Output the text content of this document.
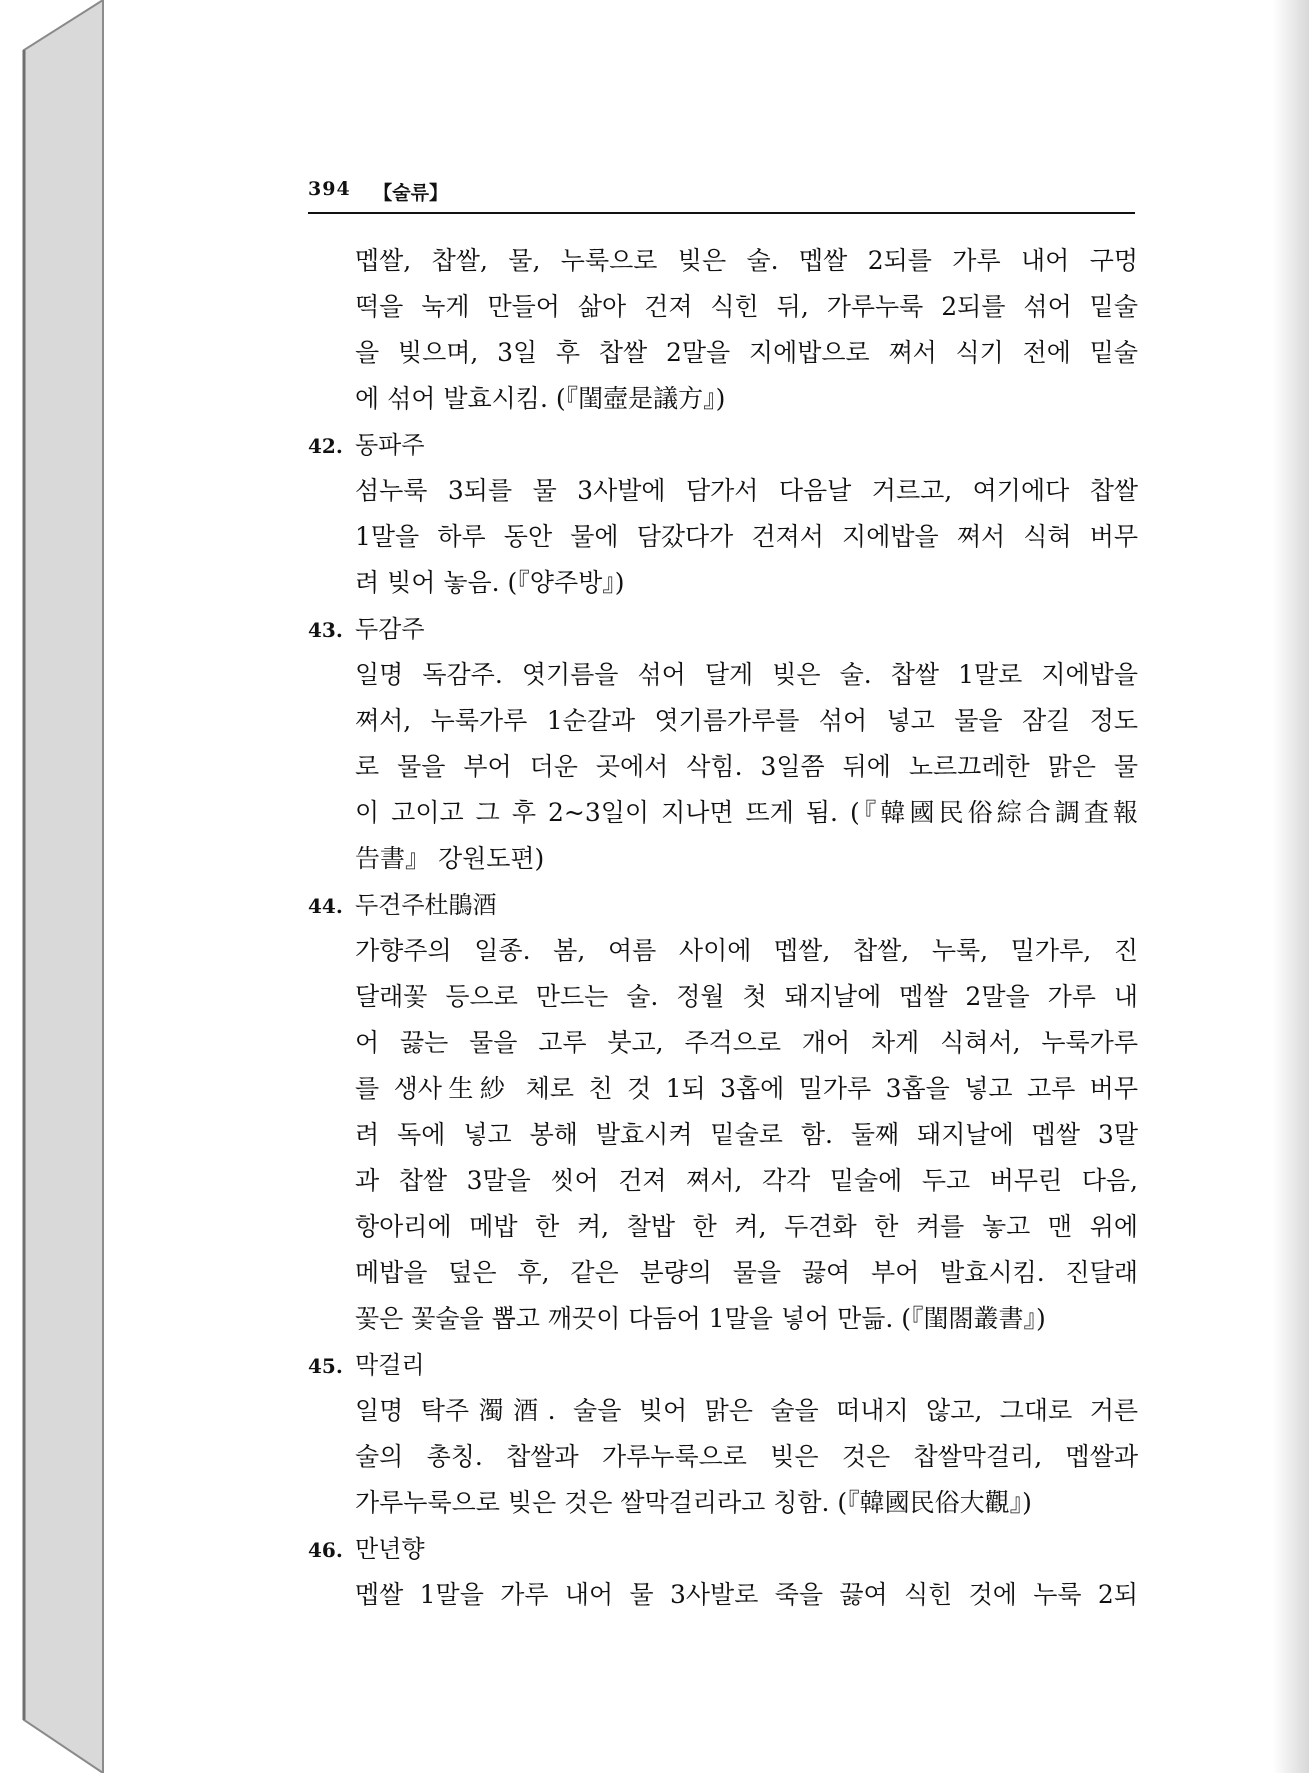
394 【술류】
멥쌀, 찹쌀, 물, 누룩으로 빚은 술. 멥쌀 2되를 가루 내어 구멍
떡을 눅게 만들어 삶아 건져 식힌 뒤, 가루누룩 2되를 섞어 밑술
을 빚으며, 3일 후 찹쌀 2말을 지에밥으로 쪄서 식기 전에 밑술
에 섞어 발효시킴. (『閨壼是議方』)
42. 동파주
섬누룩 3되를 물 3사발에 담가서 다음날 거르고, 여기에다 찹쌀
1말을 하루 동안 물에 담갔다가 건져서 지에밥을 쪄서 식혀 버무
려 빚어 놓음. (『양주방』)
43. 두감주
일명 독감주. 엿기름을 섞어 달게 빚은 술. 찹쌀 1말로 지에밥을
쪄서, 누룩가루 1순갈과 엿기름가루를 섞어 넣고 물을 잠길 정도
로 물을 부어 더운 곳에서 삭힘. 3일쯤 뒤에 노르끄레한 맑은 물
이 고이고 그 후 2~3일이 지나면 뜨게 됨. (『韓國民俗綜合調査報
告書』 강원도편)
44. 두견주杜鵑酒
가향주의 일종. 봄, 여름 사이에 멥쌀, 찹쌀, 누룩, 밀가루, 진
달래꽃 등으로 만드는 술. 정월 첫 돼지날에 멥쌀 2말을 가루 내
어 끓는 물을 고루 붓고, 주걱으로 개어 차게 식혀서, 누룩가루
를 생사生紗 체로 친 것 1되 3홉에 밀가루 3홉을 넣고 고루 버무
려 독에 넣고 봉해 발효시켜 밑술로 함. 둘째 돼지날에 멥쌀 3말
과 찹쌀 3말을 씻어 건져 쪄서, 각각 밑술에 두고 버무린 다음,
항아리에 메밥 한 켜, 찰밥 한 켜, 두견화 한 켜를 놓고 맨 위에
메밥을 덮은 후, 같은 분량의 물을 끓여 부어 발효시킴. 진달래
꽃은 꽃술을 뽑고 깨끗이 다듬어 1말을 넣어 만듦. (『閨閤叢書』)
45. 막걸리
일명 탁주濁酒. 술을 빚어 맑은 술을 떠내지 않고, 그대로 거른
술의 총칭. 찹쌀과 가루누룩으로 빚은 것은 찹쌀막걸리, 멥쌀과
가루누룩으로 빚은 것은 쌀막걸리라고 칭함. (『韓國民俗大觀』)
46. 만년향
멥쌀 1말을 가루 내어 물 3사발로 죽을 끓여 식힌 것에 누룩 2되
